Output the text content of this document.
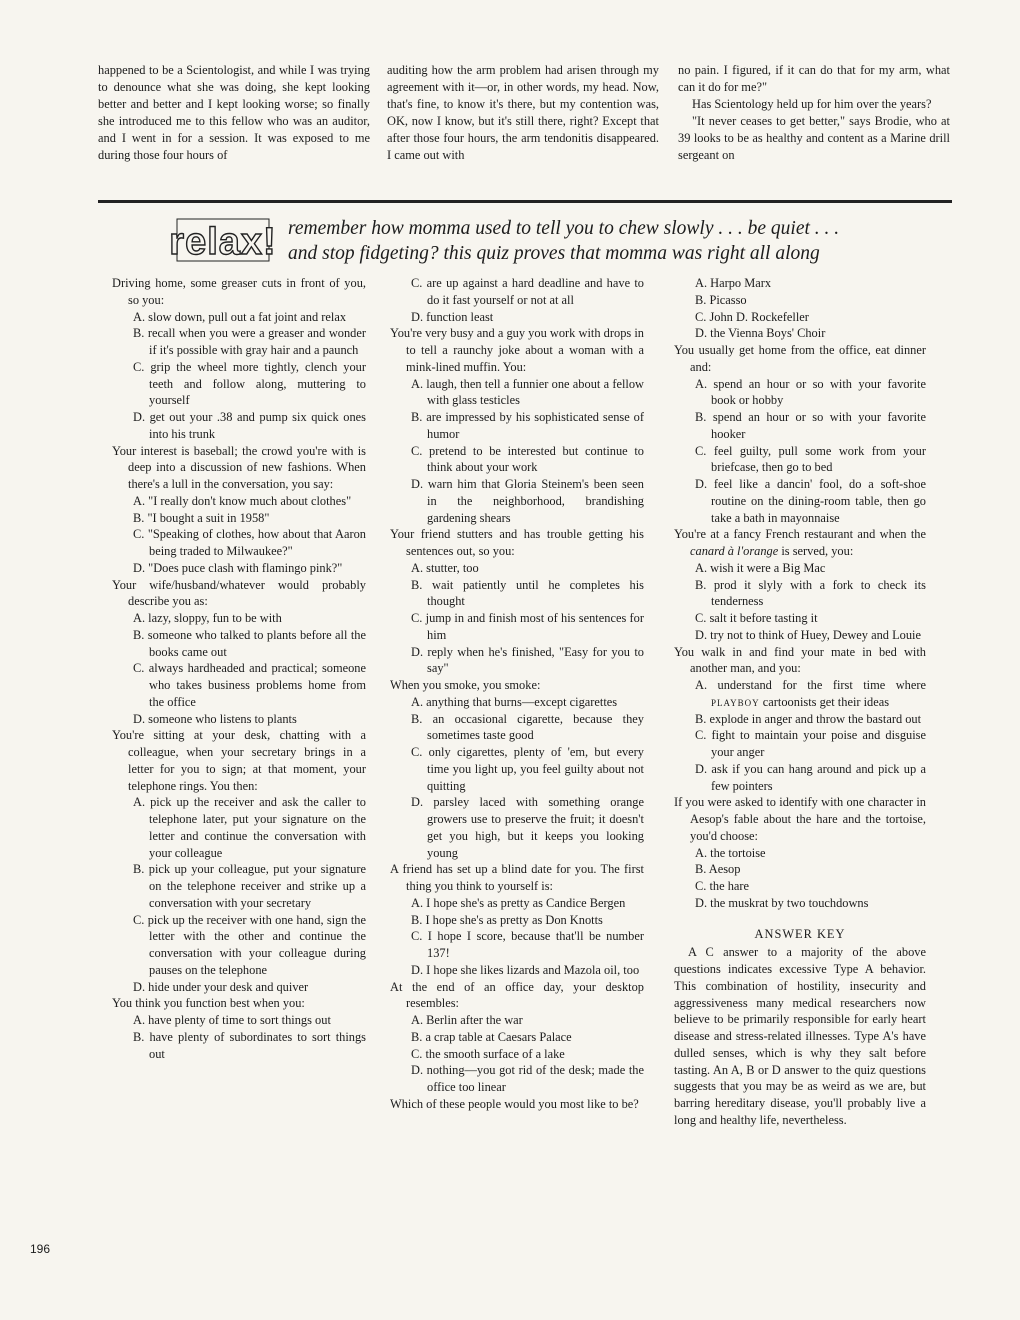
happened to be a Scientologist, and while I was trying to denounce what she was doing, she kept looking better and better and I kept looking worse; so finally she introduced me to this fellow who was an auditor, and I went in for a session. It was exposed to me during those four hours of

auditing how the arm problem had arisen through my agreement with it—or, in other words, my head. Now, that's fine, to know it's there, but my contention was, OK, now I know, but it's still there, right? Except that after those four hours, the arm tendonitis disappeared. I came out with

no pain. I figured, if it can do that for my arm, what can it do for me?"

Has Scientology held up for him over the years?

"It never ceases to get better," says Brodie, who at 39 looks to be as healthy and content as a Marine drill sergeant on

relax! remember how momma used to tell you to chew slowly . . . be quiet . . .
and stop fidgeting? this quiz proves that momma was right all along
Driving home, some greaser cuts in front of you, so you:
A. slow down, pull out a fat joint and relax
B. recall when you were a greaser and wonder if it's possible with gray hair and a paunch
C. grip the wheel more tightly, clench your teeth and follow along, muttering to yourself
D. get out your .38 and pump six quick ones into his trunk
Your interest is baseball; the crowd you're with is deep into a discussion of new fashions. When there's a lull in the conversation, you say:
A. "I really don't know much about clothes"
B. "I bought a suit in 1958"
C. "Speaking of clothes, how about that Aaron being traded to Milwaukee?"
D. "Does puce clash with flamingo pink?"
Your wife/husband/whatever would probably describe you as:
A. lazy, sloppy, fun to be with
B. someone who talked to plants before all the books came out
C. always hardheaded and practical; someone who takes business problems home from the office
D. someone who listens to plants
You're sitting at your desk, chatting with a colleague, when your secretary brings in a letter for you to sign; at that moment, your telephone rings. You then:
A. pick up the receiver and ask the caller to telephone later, put your signature on the letter and continue the conversation with your colleague
B. pick up your colleague, put your signature on the telephone receiver and strike up a conversation with your secretary
C. pick up the receiver with one hand, sign the letter with the other and continue the conversation with your colleague during pauses on the telephone
D. hide under your desk and quiver
You think you function best when you:
A. have plenty of time to sort things out
B. have plenty of subordinates to sort things out
C. are up against a hard deadline and have to do it fast yourself or not at all
D. function least
You're very busy and a guy you work with drops in to tell a raunchy joke about a woman with a mink-lined muffin. You:
A. laugh, then tell a funnier one about a fellow with glass testicles
B. are impressed by his sophisticated sense of humor
C. pretend to be interested but continue to think about your work
D. warn him that Gloria Steinem's been seen in the neighborhood, brandishing gardening shears
Your friend stutters and has trouble getting his sentences out, so you:
A. stutter, too
B. wait patiently until he completes his thought
C. jump in and finish most of his sentences for him
D. reply when he's finished, "Easy for you to say"
When you smoke, you smoke:
A. anything that burns—except cigarettes
B. an occasional cigarette, because they sometimes taste good
C. only cigarettes, plenty of 'em, but every time you light up, you feel guilty about not quitting
D. parsley laced with something orange growers use to preserve the fruit; it doesn't get you high, but it keeps you looking young
A friend has set up a blind date for you. The first thing you think to yourself is:
A. I hope she's as pretty as Candice Bergen
B. I hope she's as pretty as Don Knotts
C. I hope I score, because that'll be number 137!
D. I hope she likes lizards and Mazola oil, too
At the end of an office day, your desktop resembles:
A. Berlin after the war
B. a crap table at Caesars Palace
C. the smooth surface of a lake
D. nothing—you got rid of the desk; made the office too linear
Which of these people would you most like to be?
A. Harpo Marx
B. Picasso
C. John D. Rockefeller
D. the Vienna Boys' Choir
You usually get home from the office, eat dinner and:
A. spend an hour or so with your favorite book or hobby
B. spend an hour or so with your favorite hooker
C. feel guilty, pull some work from your briefcase, then go to bed
D. feel like a dancin' fool, do a soft-shoe routine on the dining-room table, then go take a bath in mayonnaise
You're at a fancy French restaurant and when the canard à l'orange is served, you:
A. wish it were a Big Mac
B. prod it slyly with a fork to check its tenderness
C. salt it before tasting it
D. try not to think of Huey, Dewey and Louie
You walk in and find your mate in bed with another man, and you:
A. understand for the first time where playboy cartoonists get their ideas
B. explode in anger and throw the bastard out
C. fight to maintain your poise and disguise your anger
D. ask if you can hang around and pick up a few pointers
If you were asked to identify with one character in Aesop's fable about the hare and the tortoise, you'd choose:
A. the tortoise
B. Aesop
C. the hare
D. the muskrat by two touchdowns
ANSWER KEY
A C answer to a majority of the above questions indicates excessive Type A behavior. This combination of hostility, insecurity and aggressiveness many medical researchers now believe to be primarily responsible for early heart disease and stress-related illnesses. Type A's have dulled senses, which is why they salt before tasting. An A, B or D answer to the quiz questions suggests that you may be as weird as we are, but barring hereditary disease, you'll probably live a long and healthy life, nevertheless.
196
